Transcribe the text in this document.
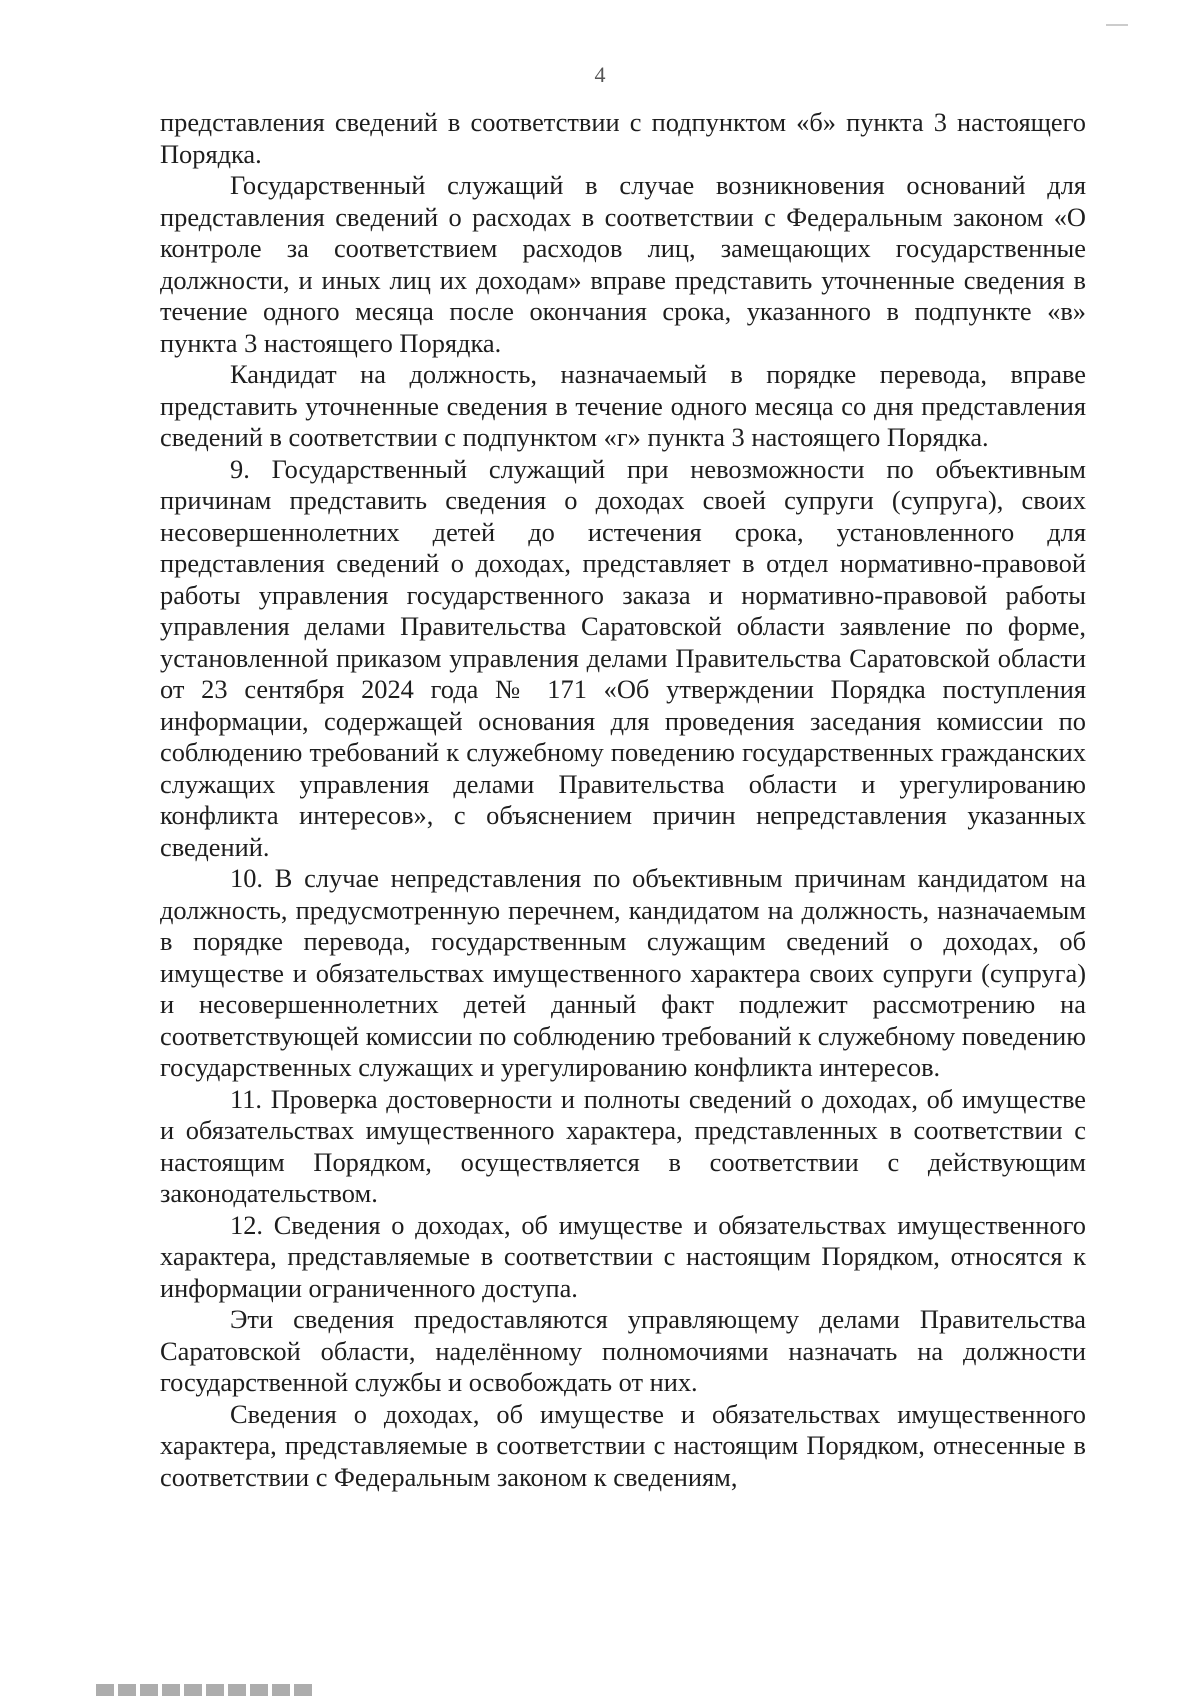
4

представления сведений в соответствии с подпунктом «б» пункта 3 настоящего Порядка.

Государственный служащий в случае возникновения оснований для представления сведений о расходах в соответствии с Федеральным законом «О контроле за соответствием расходов лиц, замещающих государственные должности, и иных лиц их доходам» вправе представить уточненные сведения в течение одного месяца после окончания срока, указанного в подпункте «в» пункта 3 настоящего Порядка.

Кандидат на должность, назначаемый в порядке перевода, вправе представить уточненные сведения в течение одного месяца со дня представления сведений в соответствии с подпунктом «г» пункта 3 настоящего Порядка.

9. Государственный служащий при невозможности по объективным причинам представить сведения о доходах своей супруги (супруга), своих несовершеннолетних детей до истечения срока, установленного для представления сведений о доходах, представляет в отдел нормативно-правовой работы управления государственного заказа и нормативно-правовой работы управления делами Правительства Саратовской области заявление по форме, установленной приказом управления делами Правительства Саратовской области от 23 сентября 2024 года № 171 «Об утверждении Порядка поступления информации, содержащей основания для проведения заседания комиссии по соблюдению требований к служебному поведению государственных гражданских служащих управления делами Правительства области и урегулированию конфликта интересов», с объяснением причин непредставления указанных сведений.

10. В случае непредставления по объективным причинам кандидатом на должность, предусмотренную перечнем, кандидатом на должность, назначаемым в порядке перевода, государственным служащим сведений о доходах, об имуществе и обязательствах имущественного характера своих супруги (супруга) и несовершеннолетних детей данный факт подлежит рассмотрению на соответствующей комиссии по соблюдению требований к служебному поведению государственных служащих и урегулированию конфликта интересов.

11. Проверка достоверности и полноты сведений о доходах, об имуществе и обязательствах имущественного характера, представленных в соответствии с настоящим Порядком, осуществляется в соответствии с действующим законодательством.

12. Сведения о доходах, об имуществе и обязательствах имущественного характера, представляемые в соответствии с настоящим Порядком, относятся к информации ограниченного доступа.

Эти сведения предоставляются управляющему делами Правительства Саратовской области, наделённому полномочиями назначать на должности государственной службы и освобождать от них.

Сведения о доходах, об имуществе и обязательствах имущественного характера, представляемые в соответствии с настоящим Порядком, отнесенные в соответствии с Федеральным законом к сведениям,
